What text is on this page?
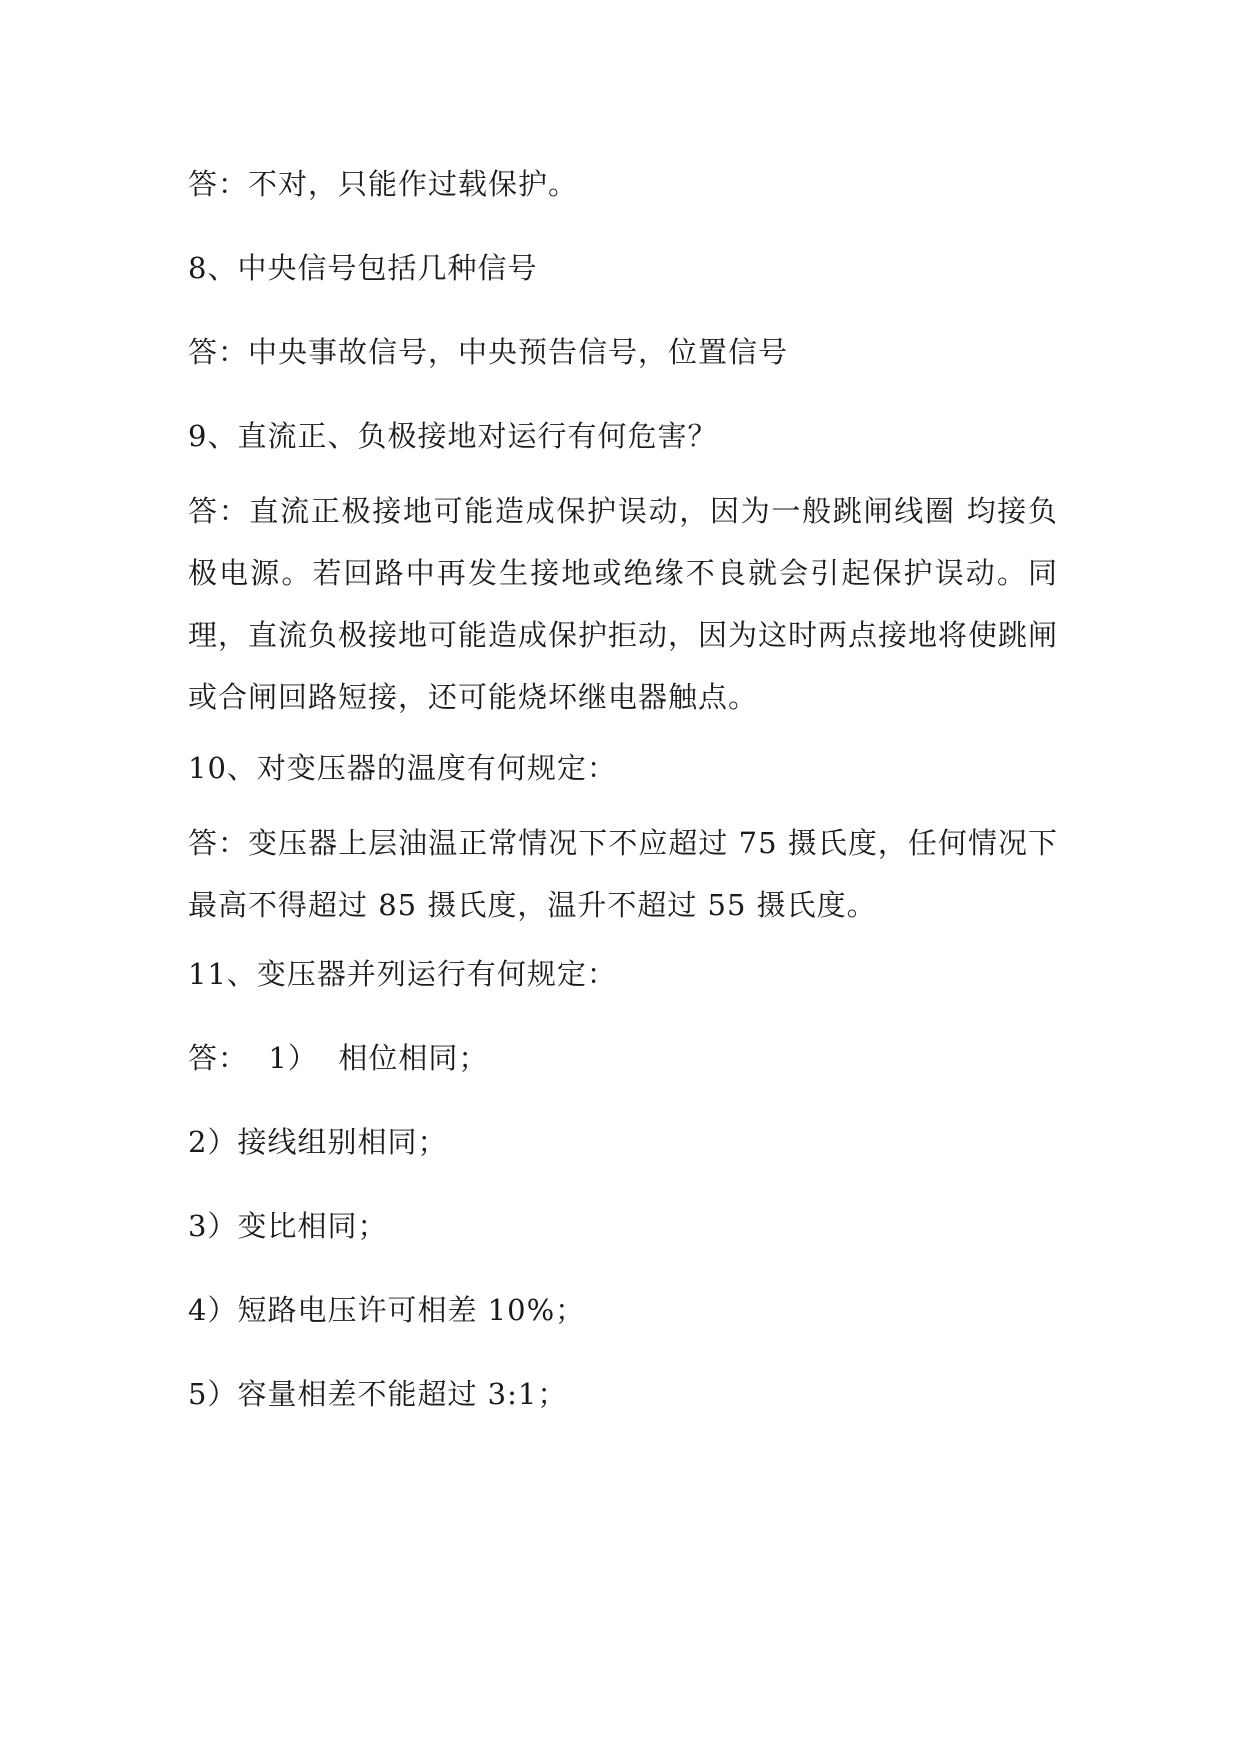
答：不对，只能作过载保护。
8、中央信号包括几种信号
答：中央事故信号，中央预告信号，位置信号
9、直流正、负极接地对运行有何危害？
答：直流正极接地可能造成保护误动，因为一般跳闸线圈 均接负极电源。若回路中再发生接地或绝缘不良就会引起保护误动。同理，直流负极接地可能造成保护拒动，因为这时两点接地将使跳闸或合闸回路短接，还可能烧坏继电器触点。
10、对变压器的温度有何规定：
答：变压器上层油温正常情况下不应超过 75 摄氏度，任何情况下最高不得超过 85 摄氏度，温升不超过 55 摄氏度。
11、变压器并列运行有何规定：
答：  1）  相位相同；
2）接线组别相同；
3）变比相同；
4）短路电压许可相差 10%；
5）容量相差不能超过 3:1；
